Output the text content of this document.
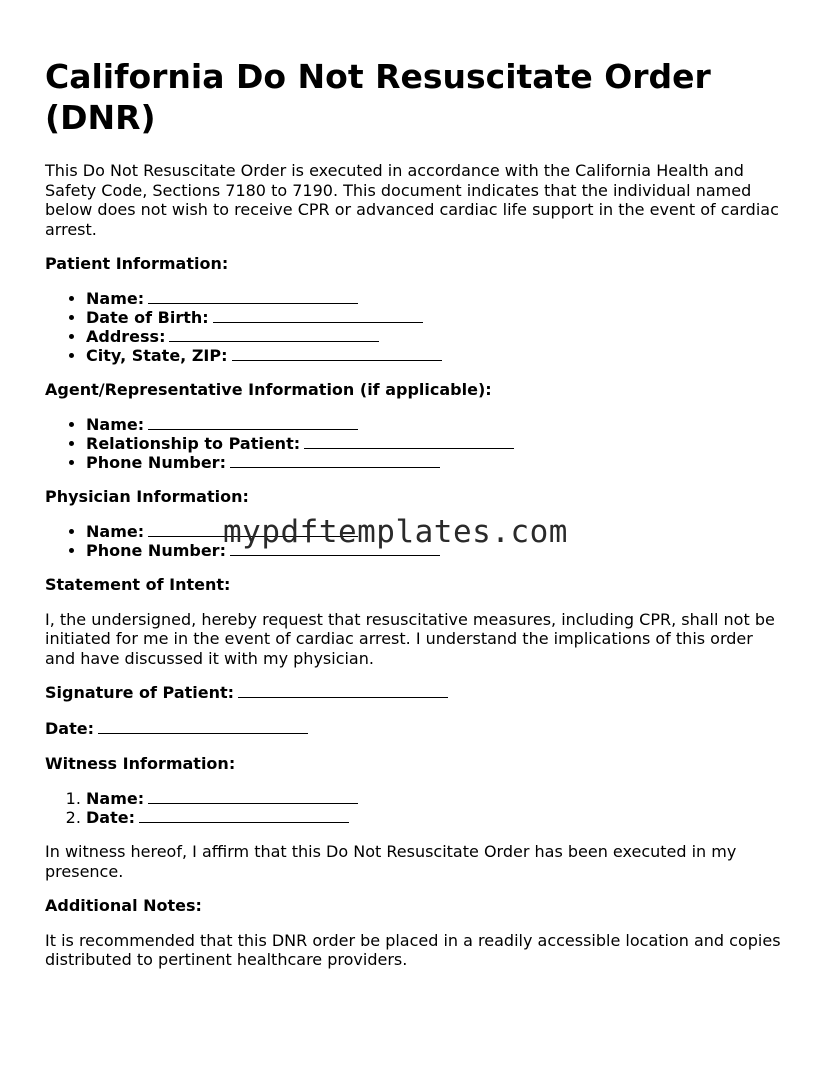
California Do Not Resuscitate Order (DNR)

This Do Not Resuscitate Order is executed in accordance with the California Health and Safety Code, Sections 7180 to 7190. This document indicates that the individual named below does not wish to receive CPR or advanced cardiac life support in the event of cardiac arrest.

Patient Information:
• Name:
• Date of Birth:
• Address:
• City, State, ZIP:
Agent/Representative Information (if applicable):
• Name:
• Relationship to Patient:
• Phone Number:
Physician Information:
• Name:
• Phone Number:
Statement of Intent:

I, the undersigned, hereby request that resuscitative measures, including CPR, shall not be initiated for me in the event of cardiac arrest. I understand the implications of this order and have discussed it with my physician.

Signature of Patient:
Date:
Witness Information:
1. Name:
2. Date:

In witness hereof, I affirm that this Do Not Resuscitate Order has been executed in my presence.

Additional Notes:

It is recommended that this DNR order be placed in a readily accessible location and copies distributed to pertinent healthcare providers.

mypdftemplates.com
